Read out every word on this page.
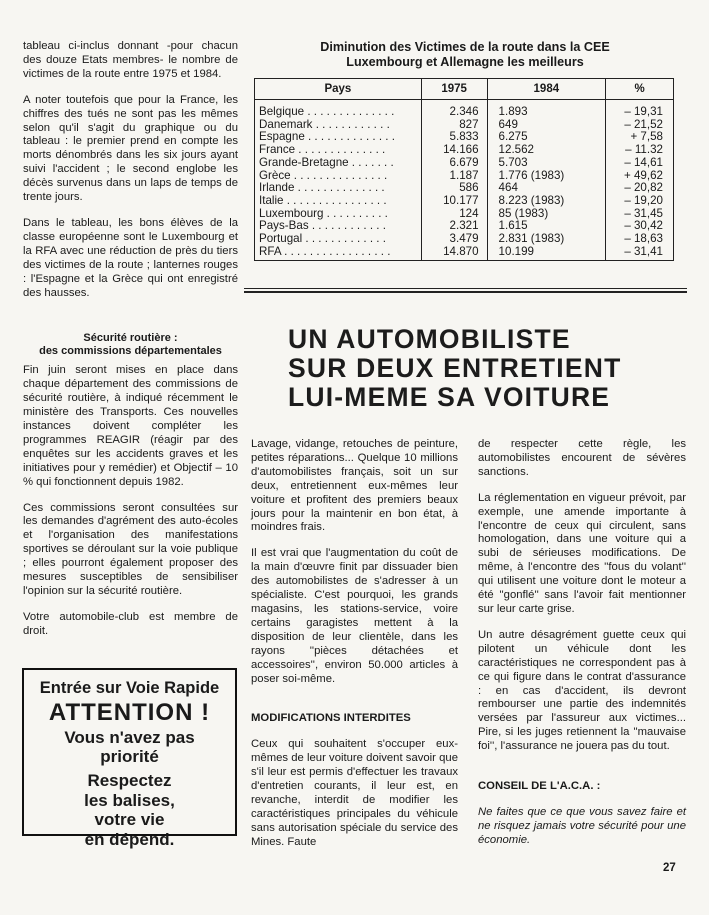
tableau ci-inclus donnant -pour chacun des douze Etats membres- le nombre de victimes de la route entre 1975 et 1984.

A noter toutefois que pour la France, les chiffres des tués ne sont pas les mêmes selon qu'il s'agit du graphique ou du tableau : le premier prend en compte les morts dénombrés dans les six jours ayant suivi l'accident ; le second englobe les décès survenus dans un laps de temps de trente jours.

Dans le tableau, les bons élèves de la classe européenne sont le Luxembourg et la RFA avec une réduction de près du tiers des victimes de la route ; lanternes rouges : l'Espagne et la Grèce qui ont enregistré des hausses.

Sécurité routière :
des commissions départementales

Fin juin seront mises en place dans chaque département des commissions de sécurité routière, à indiqué récemment le ministère des Transports. Ces nouvelles instances doivent compléter les programmes REAGIR (réagir par des enquêtes sur les accidents graves et les initiatives pour y remédier) et Objectif – 10 % qui fonctionnent depuis 1982.

Ces commissions seront consultées sur les demandes d'agrément des auto-écoles et l'organisation des manifestations sportives se déroulant sur la voie publique ; elles pourront également proposer des mesures susceptibles de sensibiliser l'opinion sur la sécurité routière.

Votre automobile-club est membre de droit.

Entrée sur Voie Rapide
ATTENTION !
Vous n'avez pas
priorité
Respectez
les balises,
votre vie
en dépend.
Diminution des Victimes de la route dans la CEE
Luxembourg et Allemagne les meilleurs
Pays	1975	1984	%
Belgique . . . . . . . . . . . . . .	2.346	1.893	– 19,31
Danemark . . . . . . . . . . . .	827	649	– 21,52
Espagne . . . . . . . . . . . . . .	5.833	6.275	+ 7,58
France . . . . . . . . . . . . . .	14.166	12.562	– 11.32
Grande-Bretagne . . . . . . .	6.679	5.703	– 14,61
Grèce . . . . . . . . . . . . . . .	1.187	1.776 (1983)	+ 49,62
Irlande . . . . . . . . . . . . . .	586	464	– 20,82
Italie . . . . . . . . . . . . . . . .	10.177	8.223 (1983)	– 19,20
Luxembourg . . . . . . . . . .	124	85 (1983)	– 31,45
Pays-Bas . . . . . . . . . . . .	2.321	1.615	– 30,42
Portugal . . . . . . . . . . . . .	3.479	2.831 (1983)	– 18,63
RFA . . . . . . . . . . . . . . . . .	14.870	10.199	– 31,41
UN AUTOMOBILISTE
SUR DEUX ENTRETIENT
LUI-MEME SA VOITURE

Lavage, vidange, retouches de peinture, petites réparations... Quelque 10 millions d'automobilistes français, soit un sur deux, entretiennent eux-mêmes leur voiture et profitent des premiers beaux jours pour la maintenir en bon état, à moindres frais.

Il est vrai que l'augmentation du coût de la main d'œuvre finit par dissuader bien des automobilistes de s'adresser à un spécialiste. C'est pourquoi, les grands magasins, les stations-service, voire certains garagistes mettent à la disposition de leur clientèle, dans les rayons ''pièces détachées et accessoires'', environ 50.000 articles à poser soi-même.

MODIFICATIONS INTERDITES

Ceux qui souhaitent s'occuper eux-mêmes de leur voiture doivent savoir que s'il leur est permis d'effectuer les travaux d'entretien courants, il leur est, en revanche, interdit de modifier les caractéristiques principales du véhicule sans autorisation spéciale du service des Mines. Faute

de respecter cette règle, les automobilistes encourent de sévères sanctions.

La réglementation en vigueur prévoit, par exemple, une amende importante à l'encontre de ceux qui circulent, sans homologation, dans une voiture qui a subi de sérieuses modifications. De même, à l'encontre des ''fous du volant'' qui utilisent une voiture dont le moteur a été ''gonflé'' sans l'avoir fait mentionner sur leur carte grise.

Un autre désagrément guette ceux qui pilotent un véhicule dont les caractéristiques ne correspondent pas à ce qui figure dans le contrat d'assurance : en cas d'accident, ils devront rembourser une partie des indemnités versées par l'assureur aux victimes... Pire, si les juges retiennent la ''mauvaise foi'', l'assurance ne jouera pas du tout.

CONSEIL DE L'A.C.A. :

Ne faites que ce que vous savez faire et ne risquez jamais votre sécurité pour une économie.

27
